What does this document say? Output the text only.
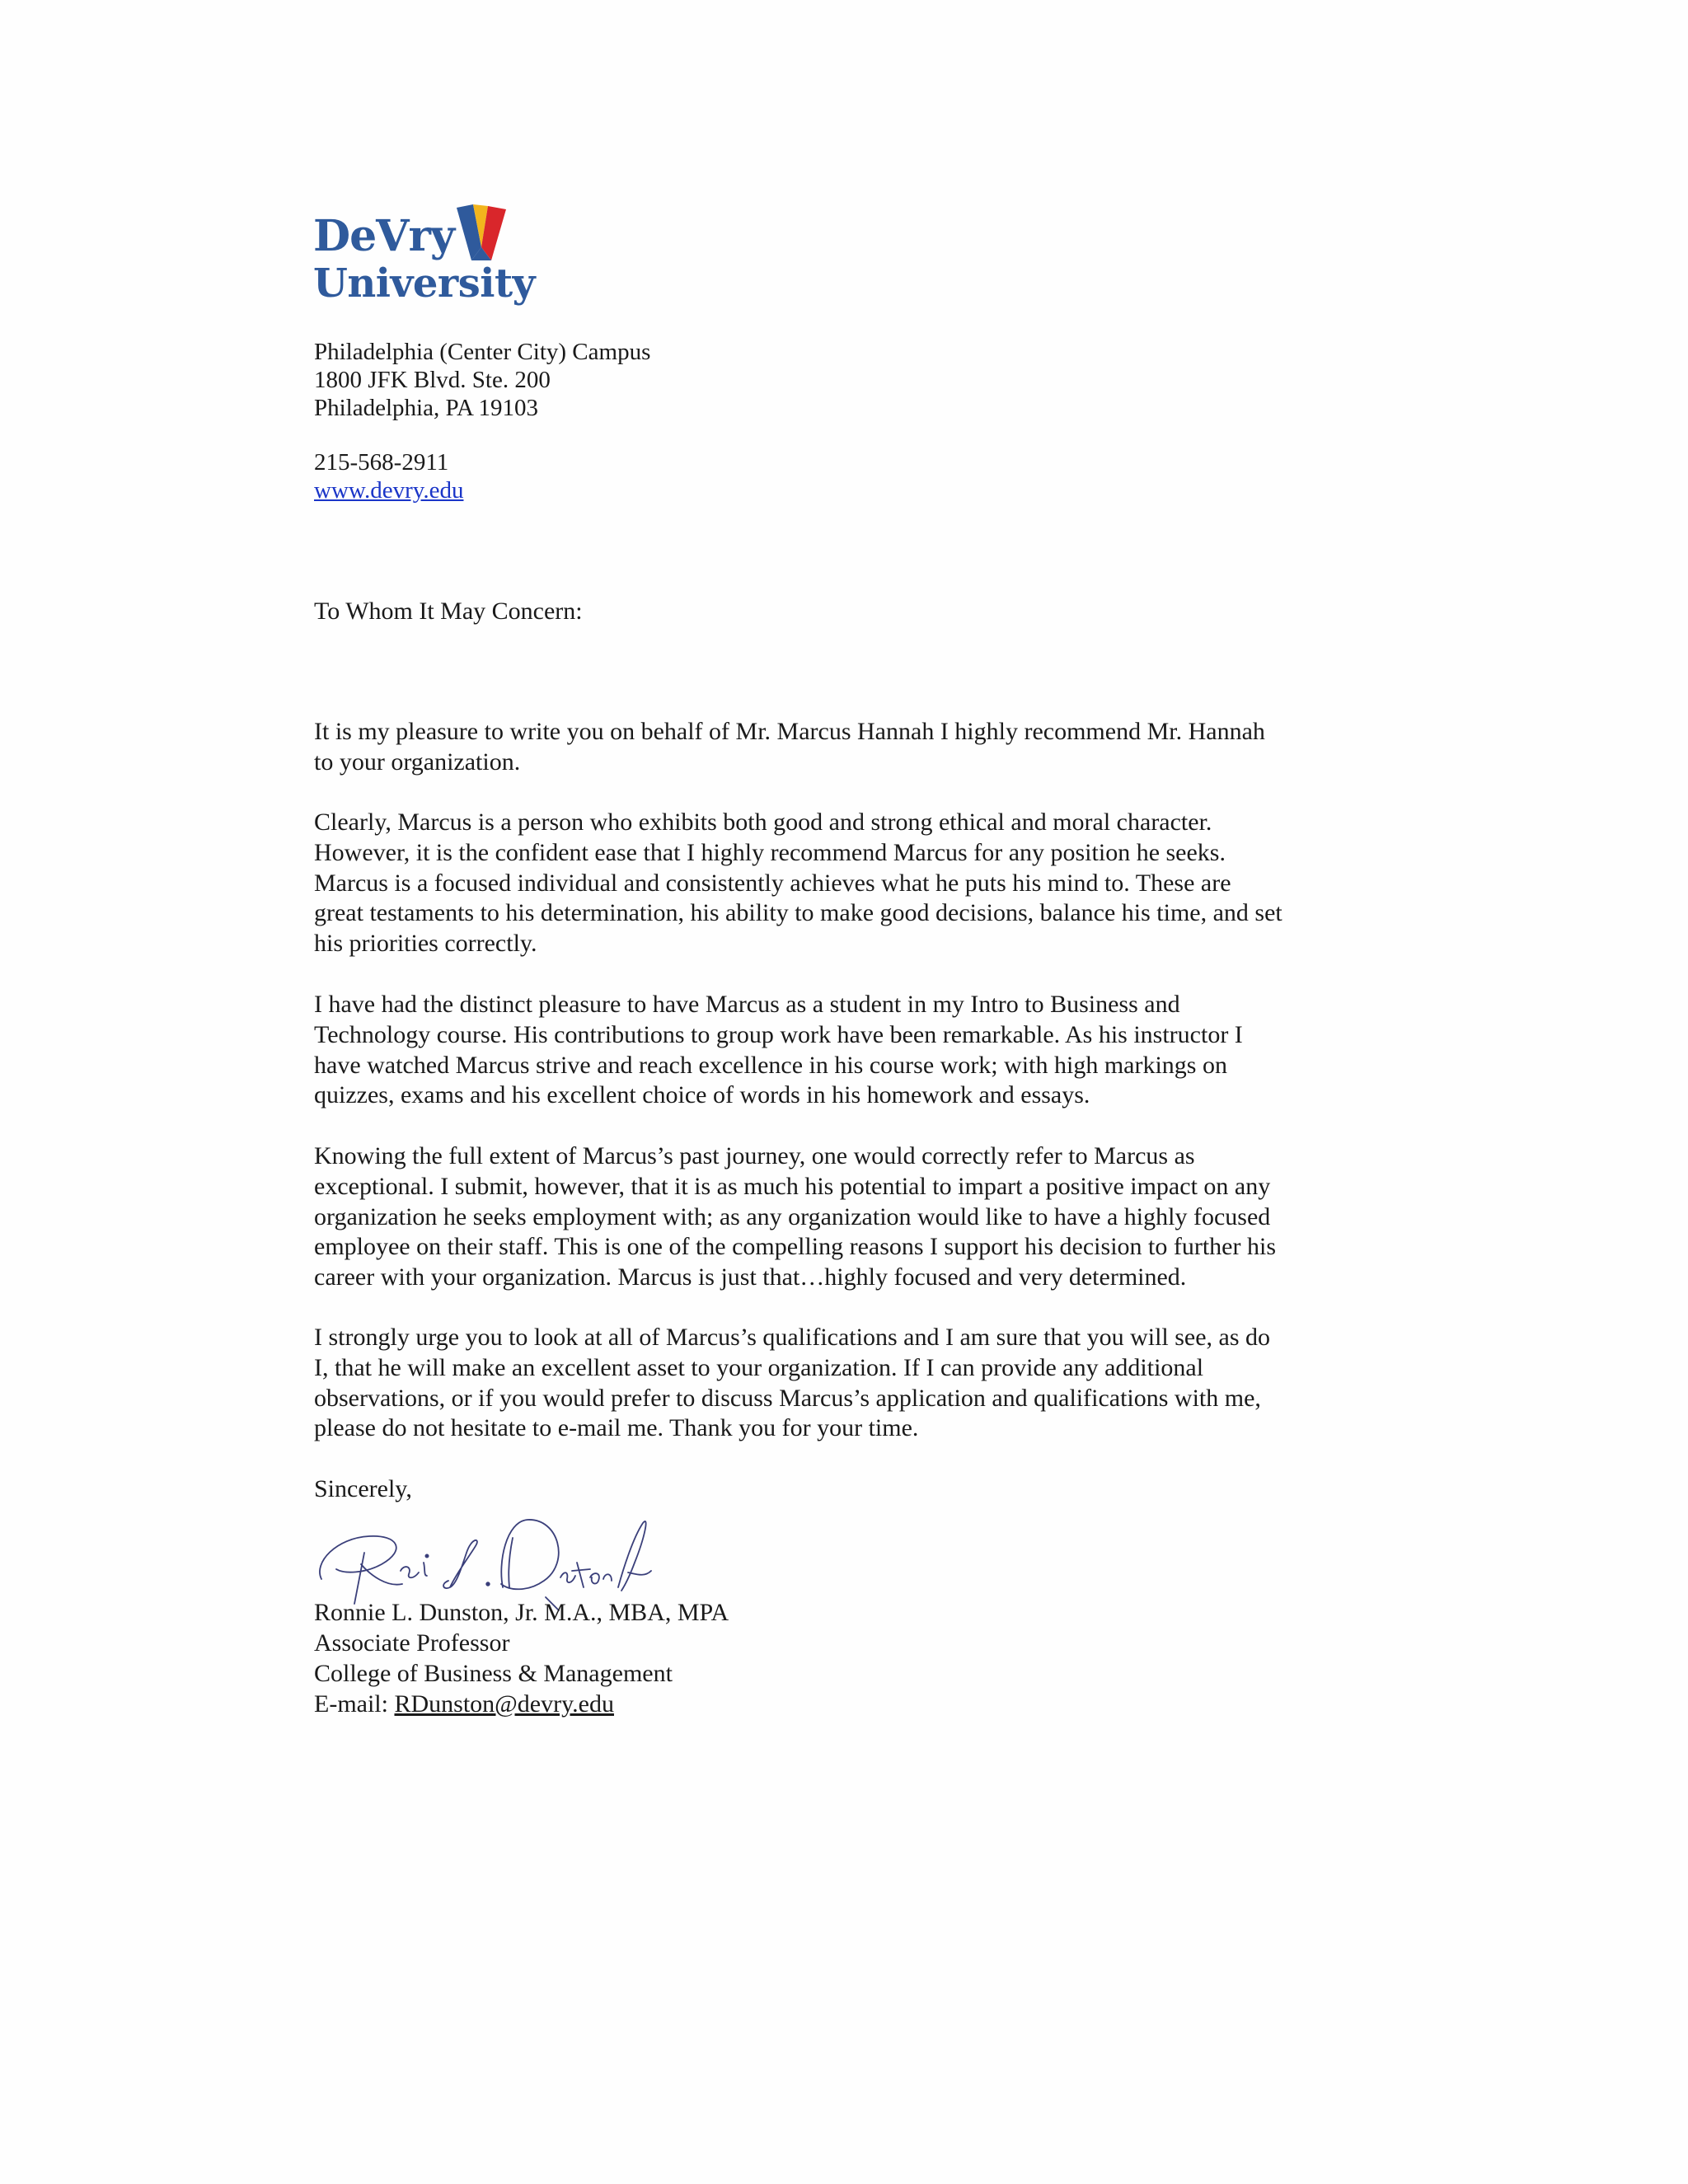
DeVry
University
Philadelphia (Center City) Campus
1800 JFK Blvd. Ste. 200
Philadelphia, PA 19103
215-568-2911
www.devry.edu
To Whom It May Concern:
It is my pleasure to write you on behalf of Mr. Marcus Hannah I highly recommend Mr. Hannah
to your organization.
Clearly, Marcus is a person who exhibits both good and strong ethical and moral character.
However, it is the confident ease that I highly recommend Marcus for any position he seeks.
Marcus is a focused individual and consistently achieves what he puts his mind to. These are
great testaments to his determination, his ability to make good decisions, balance his time, and set
his priorities correctly.
I have had the distinct pleasure to have Marcus as a student in my Intro to Business and
Technology course. His contributions to group work have been remarkable. As his instructor I
have watched Marcus strive and reach excellence in his course work; with high markings on
quizzes, exams and his excellent choice of words in his homework and essays.
Knowing the full extent of Marcus’s past journey, one would correctly refer to Marcus as
exceptional. I submit, however, that it is as much his potential to impart a positive impact on any
organization he seeks employment with; as any organization would like to have a highly focused
employee on their staff. This is one of the compelling reasons I support his decision to further his
career with your organization. Marcus is just that…highly focused and very determined.
I strongly urge you to look at all of Marcus’s qualifications and I am sure that you will see, as do
I, that he will make an excellent asset to your organization. If I can provide any additional
observations, or if you would prefer to discuss Marcus’s application and qualifications with me,
please do not hesitate to e-mail me. Thank you for your time.
Sincerely,
Ronnie L. Dunston, Jr. M.A., MBA, MPA
Associate Professor
College of Business & Management
E-mail: RDunston@devry.edu
